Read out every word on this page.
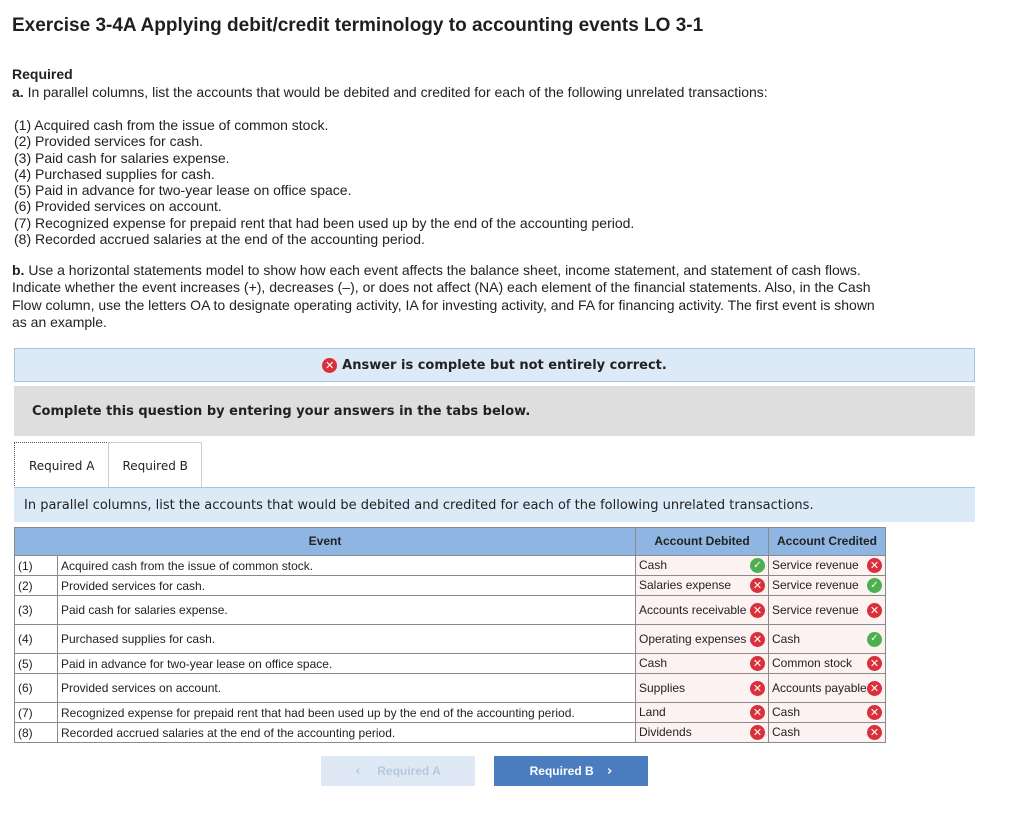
Exercise 3-4A Applying debit/credit terminology to accounting events LO 3-1
Required
a. In parallel columns, list the accounts that would be debited and credited for each of the following unrelated transactions:
(1) Acquired cash from the issue of common stock.
(2) Provided services for cash.
(3) Paid cash for salaries expense.
(4) Purchased supplies for cash.
(5) Paid in advance for two-year lease on office space.
(6) Provided services on account.
(7) Recognized expense for prepaid rent that had been used up by the end of the accounting period.
(8) Recorded accrued salaries at the end of the accounting period.
b. Use a horizontal statements model to show how each event affects the balance sheet, income statement, and statement of cash flows. Indicate whether the event increases (+), decreases (–), or does not affect (NA) each element of the financial statements. Also, in the Cash Flow column, use the letters OA to designate operating activity, IA for investing activity, and FA for financing activity. The first event is shown as an example.
✕ Answer is complete but not entirely correct.
Complete this question by entering your answers in the tabs below.
Required A	Required B
In parallel columns, list the accounts that would be debited and credited for each of the following unrelated transactions.
Event		Account Debited	Account Credited
(1)	Acquired cash from the issue of common stock.	Cash ✓	Service revenue ✕

(2)	Provided services for cash.	Salaries expense ✕	Service revenue ✓

(3)	Paid cash for salaries expense.	Accounts receivable ✕	Service revenue ✕

(4)	Purchased supplies for cash.	Operating expenses ✕	Cash ✓

(5)	Paid in advance for two-year lease on office space.	Cash ✕	Common stock ✕

(6)	Provided services on account.	Supplies ✕	Accounts payable ✕

(7)	Recognized expense for prepaid rent that had been used up by the end of the accounting period.	Land ✕	Cash ✕

(8)	Recorded accrued salaries at the end of the accounting period.	Dividends ✕	Cash ✕
‹
Required A	Required B
›
